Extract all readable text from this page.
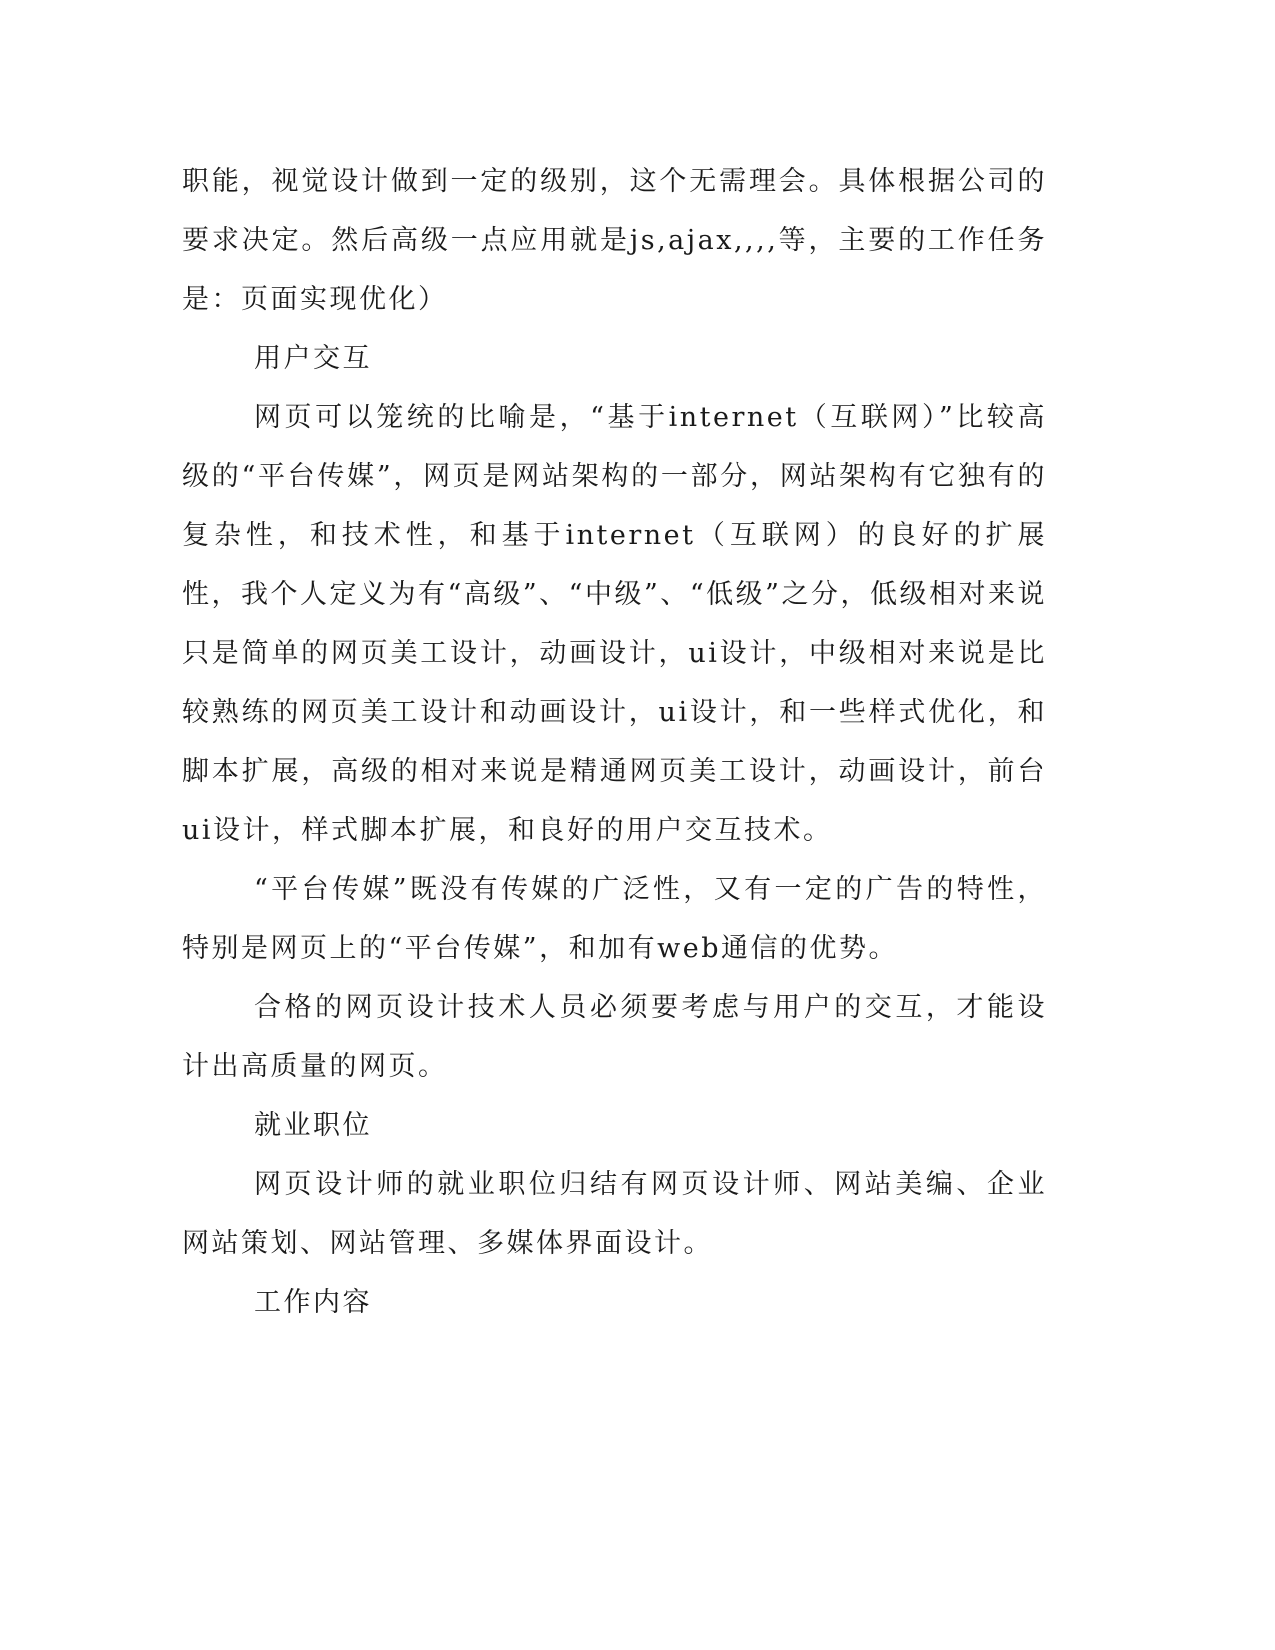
职能，视觉设计做到一定的级别，这个无需理会。具体根据公司的要求决定。然后高级一点应用就是js,ajax,,,,等，主要的工作任务是：页面实现优化）

用户交互

网页可以笼统的比喻是，“基于internet（互联网）”比较高级的“平台传媒”，网页是网站架构的一部分，网站架构有它独有的复杂性，和技术性，和基于internet（互联网）的良好的扩展性，我个人定义为有“高级”、“中级”、“低级”之分，低级相对来说只是简单的网页美工设计，动画设计，ui设计，中级相对来说是比较熟练的网页美工设计和动画设计，ui设计，和一些样式优化，和脚本扩展，高级的相对来说是精通网页美工设计，动画设计，前台ui设计，样式脚本扩展，和良好的用户交互技术。

“平台传媒”既没有传媒的广泛性，又有一定的广告的特性，特别是网页上的“平台传媒”，和加有web通信的优势。

合格的网页设计技术人员必须要考虑与用户的交互，才能设计出高质量的网页。

就业职位

网页设计师的就业职位归结有网页设计师、网站美编、企业网站策划、网站管理、多媒体界面设计。

工作内容
